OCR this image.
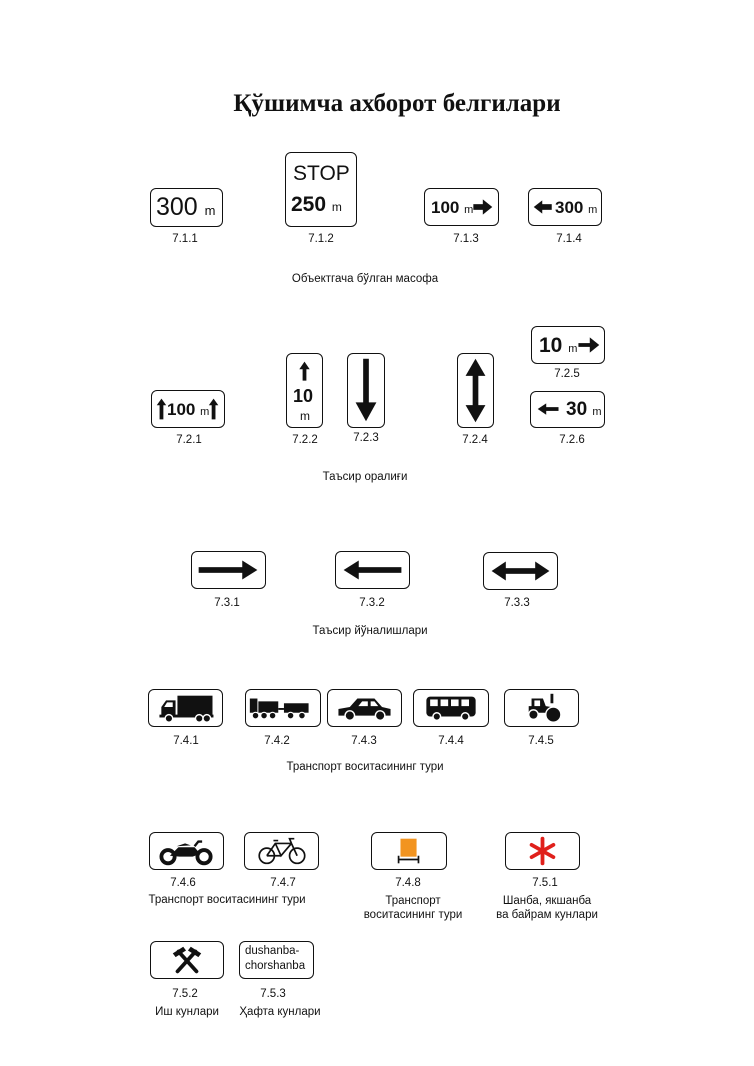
Қўшимча ахборот белгилари
300 m
7.1.1
STOP
250 m
7.1.2
100 m
7.1.3
300 m
7.1.4
Объектгача бўлган масофа
100 m
7.2.1
10
m
7.2.2	7.2.3	7.2.4
10 m
7.2.5
30 m
7.2.6
Таъсир оралиғи
7.3.1	7.3.2	7.3.3
Таъсир йўналишлари
7.4.1	7.4.2	7.4.3	7.4.4	7.4.5
Транспорт воситасининг тури
7.4.6
Транспорт воситасининг тури
7.4.7	7.4.8
Транспорт
воситасининг тури
7.5.1
Шанба, якшанба
ва байрам кунлари
7.5.2
Иш кунлари
dushanba-
chorshanba
7.5.3
Ҳафта кунлари
